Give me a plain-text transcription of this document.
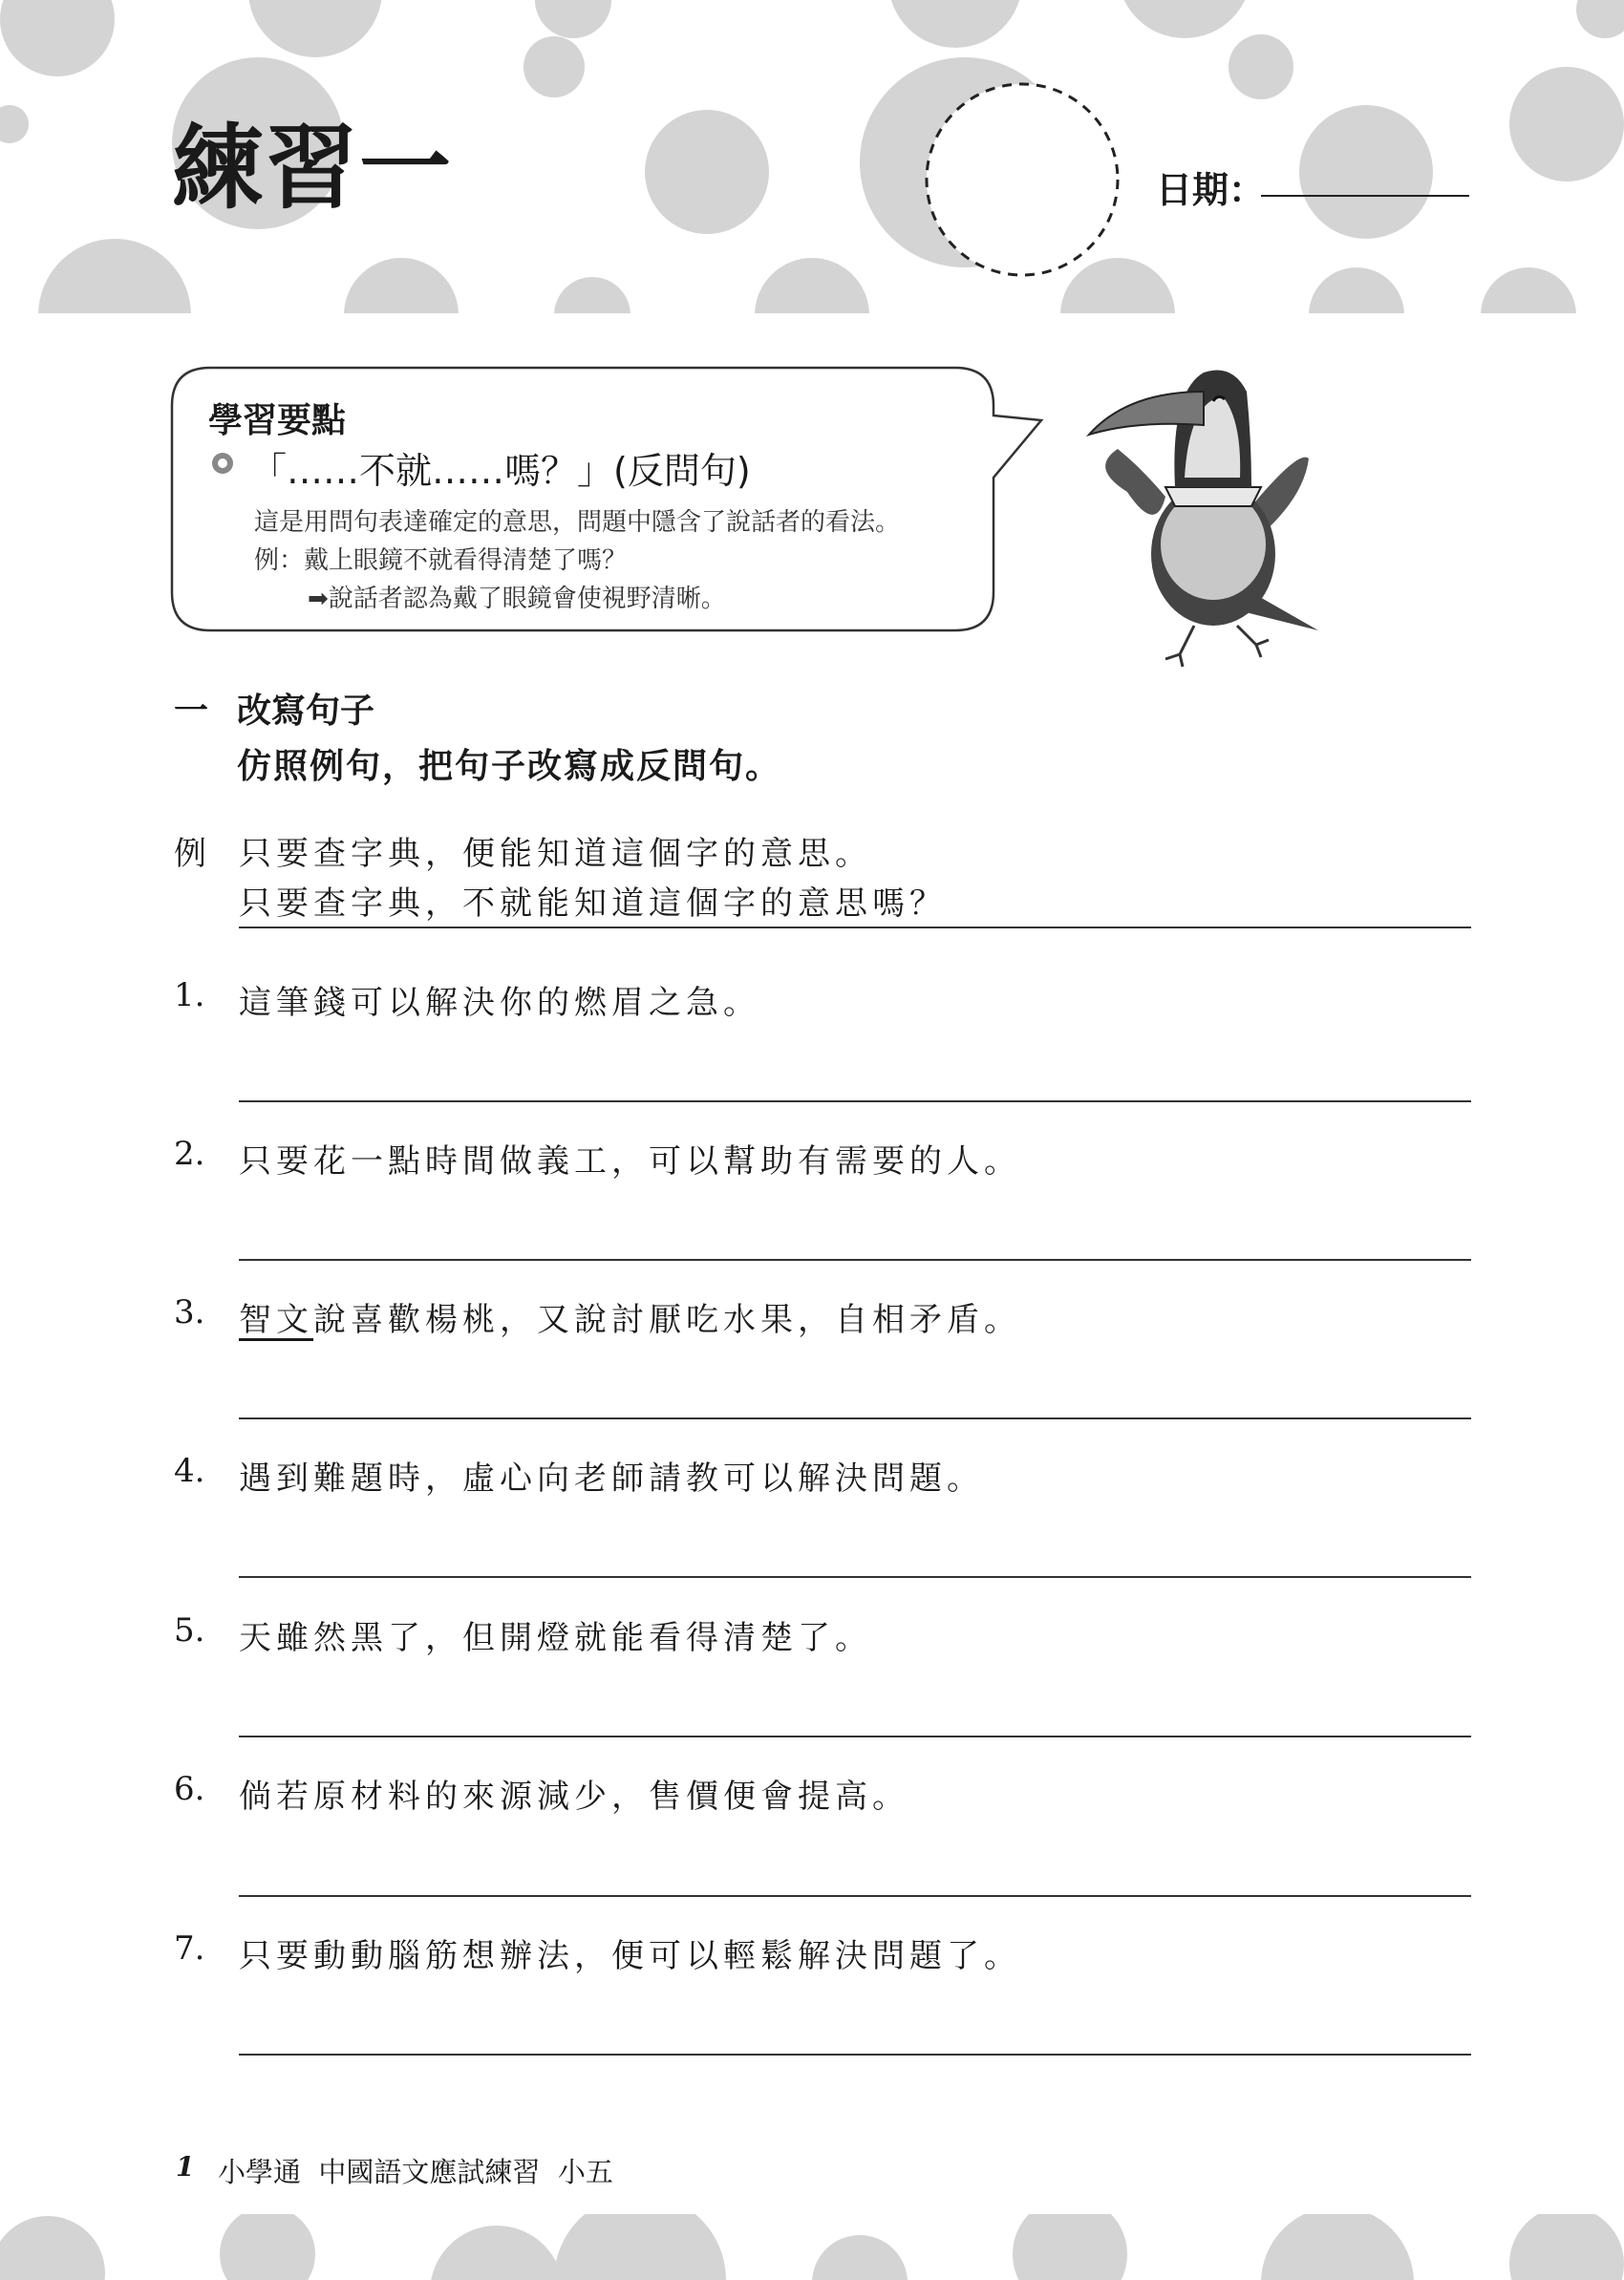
練習一	日期：
學習要點
「……不就……嗎？」(反問句)
這是用問句表達確定的意思，問題中隱含了說話者的看法。
例：戴上眼鏡不就看得清楚了嗎？
➡說話者認為戴了眼鏡會使視野清晰。
一 改寫句子
仿照例句，把句子改寫成反問句。
例 只要查字典，便能知道這個字的意思。
只要查字典，不就能知道這個字的意思嗎？
1. 這筆錢可以解決你的燃眉之急。
2. 只要花一點時間做義工，可以幫助有需要的人。
3. 智文說喜歡楊桃，又說討厭吃水果，自相矛盾。
4. 遇到難題時，虛心向老師請教可以解決問題。
5. 天雖然黑了，但開燈就能看得清楚了。
6. 倘若原材料的來源減少，售價便會提高。
7. 只要動動腦筋想辦法，便可以輕鬆解決問題了。
1 小學通  中國語文應試練習  小五
